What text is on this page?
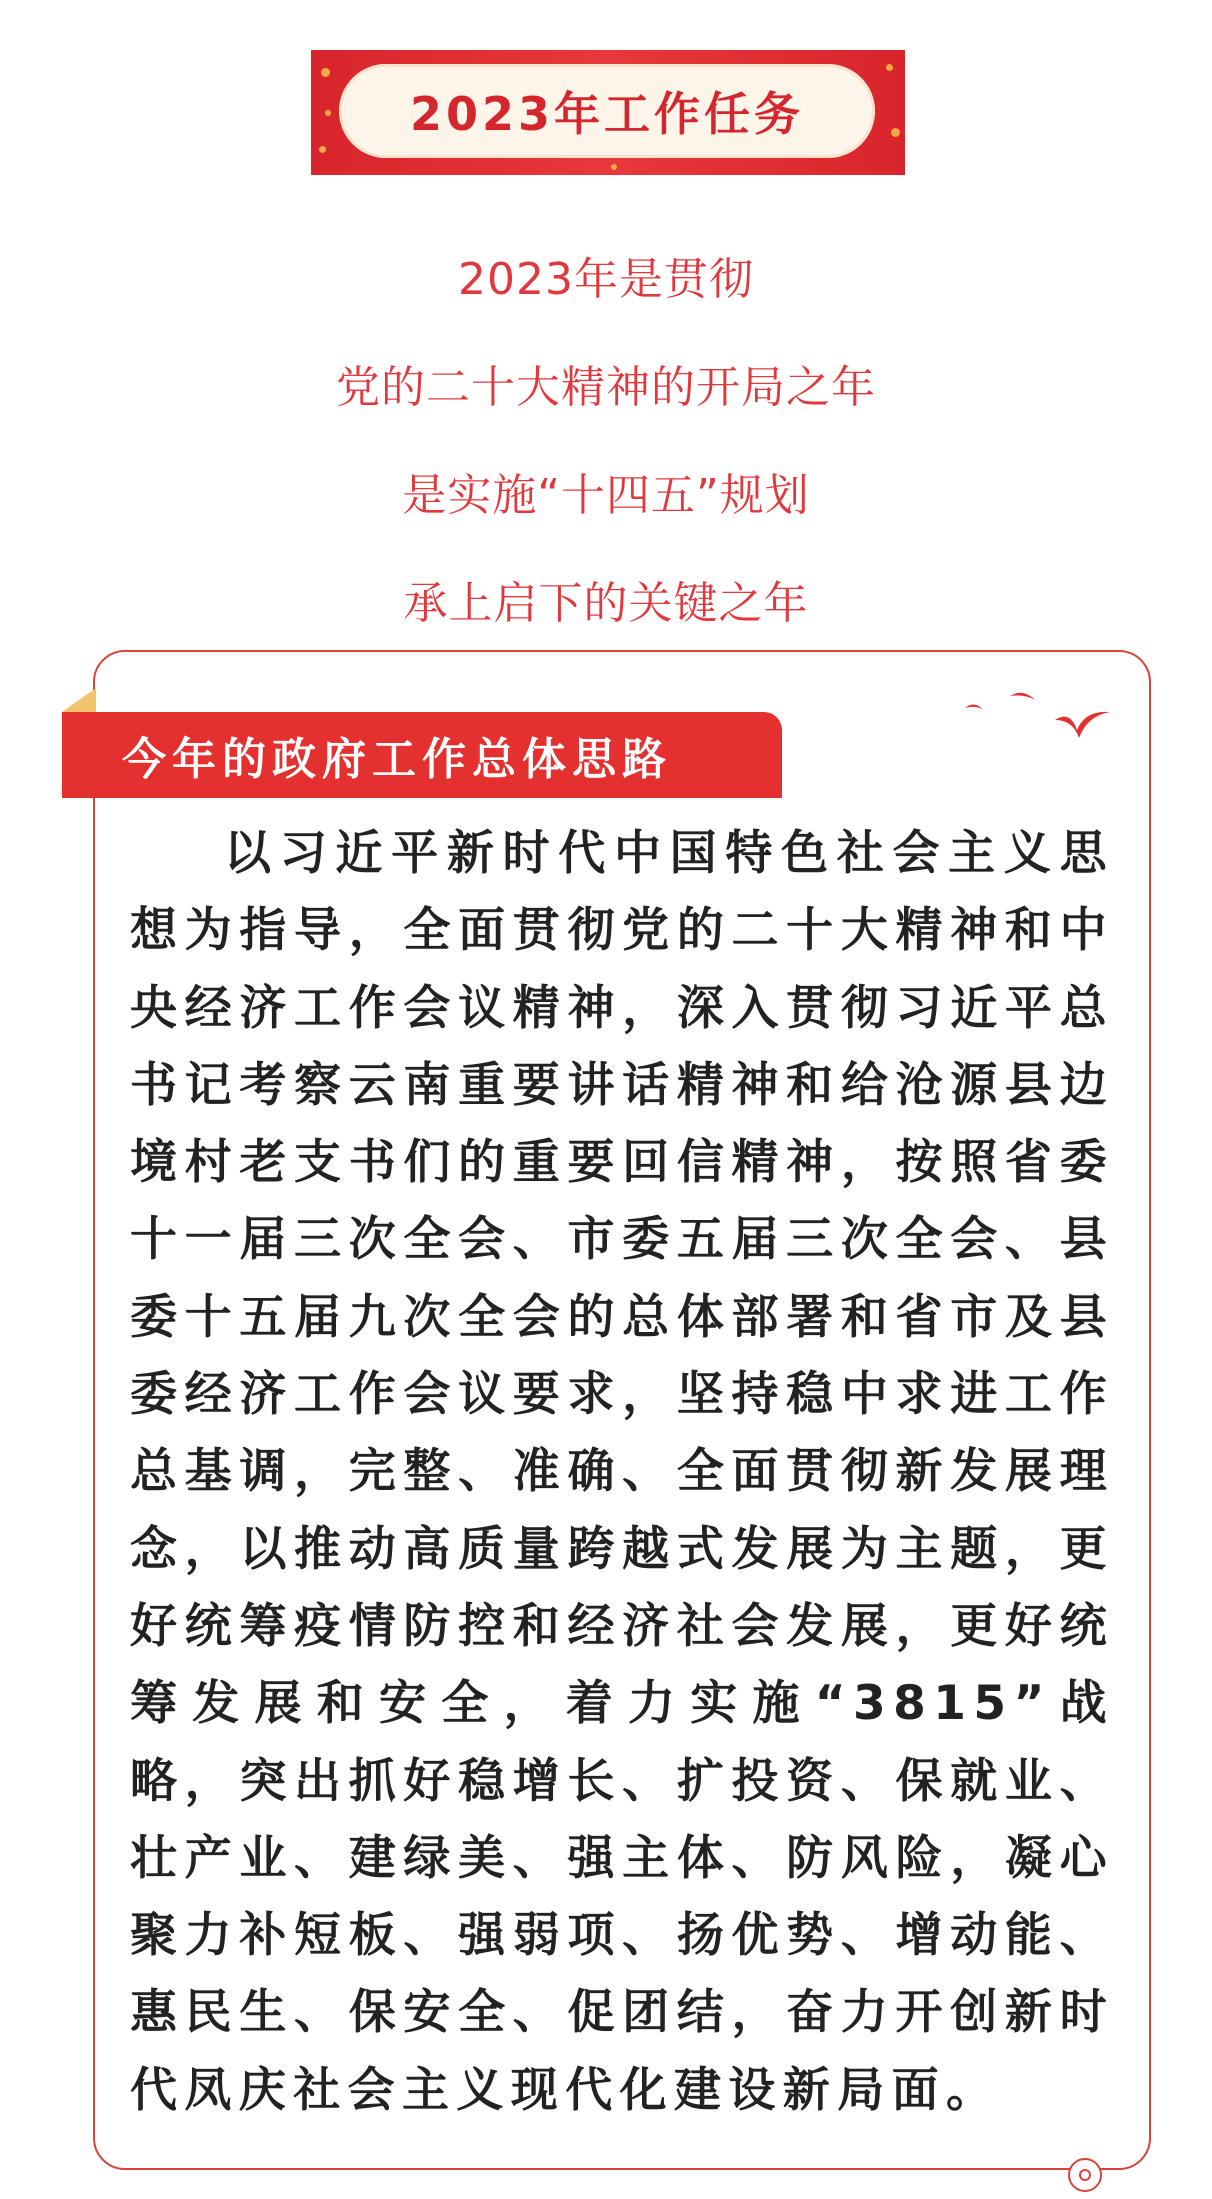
2023年工作任务

2023年是贯彻

党的二十大精神的开局之年

是实施“十四五”规划

承上启下的关键之年

今年的政府工作总体思路

以习近平新时代中国特色社会主义思想为指导，全面贯彻党的二十大精神和中央经济工作会议精神，深入贯彻习近平总书记考察云南重要讲话精神和给沧源县边境村老支书们的重要回信精神，按照省委十一届三次全会、市委五届三次全会、县委十五届九次全会的总体部署和省市及县委经济工作会议要求，坚持稳中求进工作总基调，完整、准确、全面贯彻新发展理念，以推动高质量跨越式发展为主题，更好统筹疫情防控和经济社会发展，更好统筹发展和安全，着力实施“3815”战略，突出抓好稳增长、扩投资、保就业、壮产业、建绿美、强主体、防风险，凝心聚力补短板、强弱项、扬优势、增动能、惠民生、保安全、促团结，奋力开创新时代凤庆社会主义现代化建设新局面。
